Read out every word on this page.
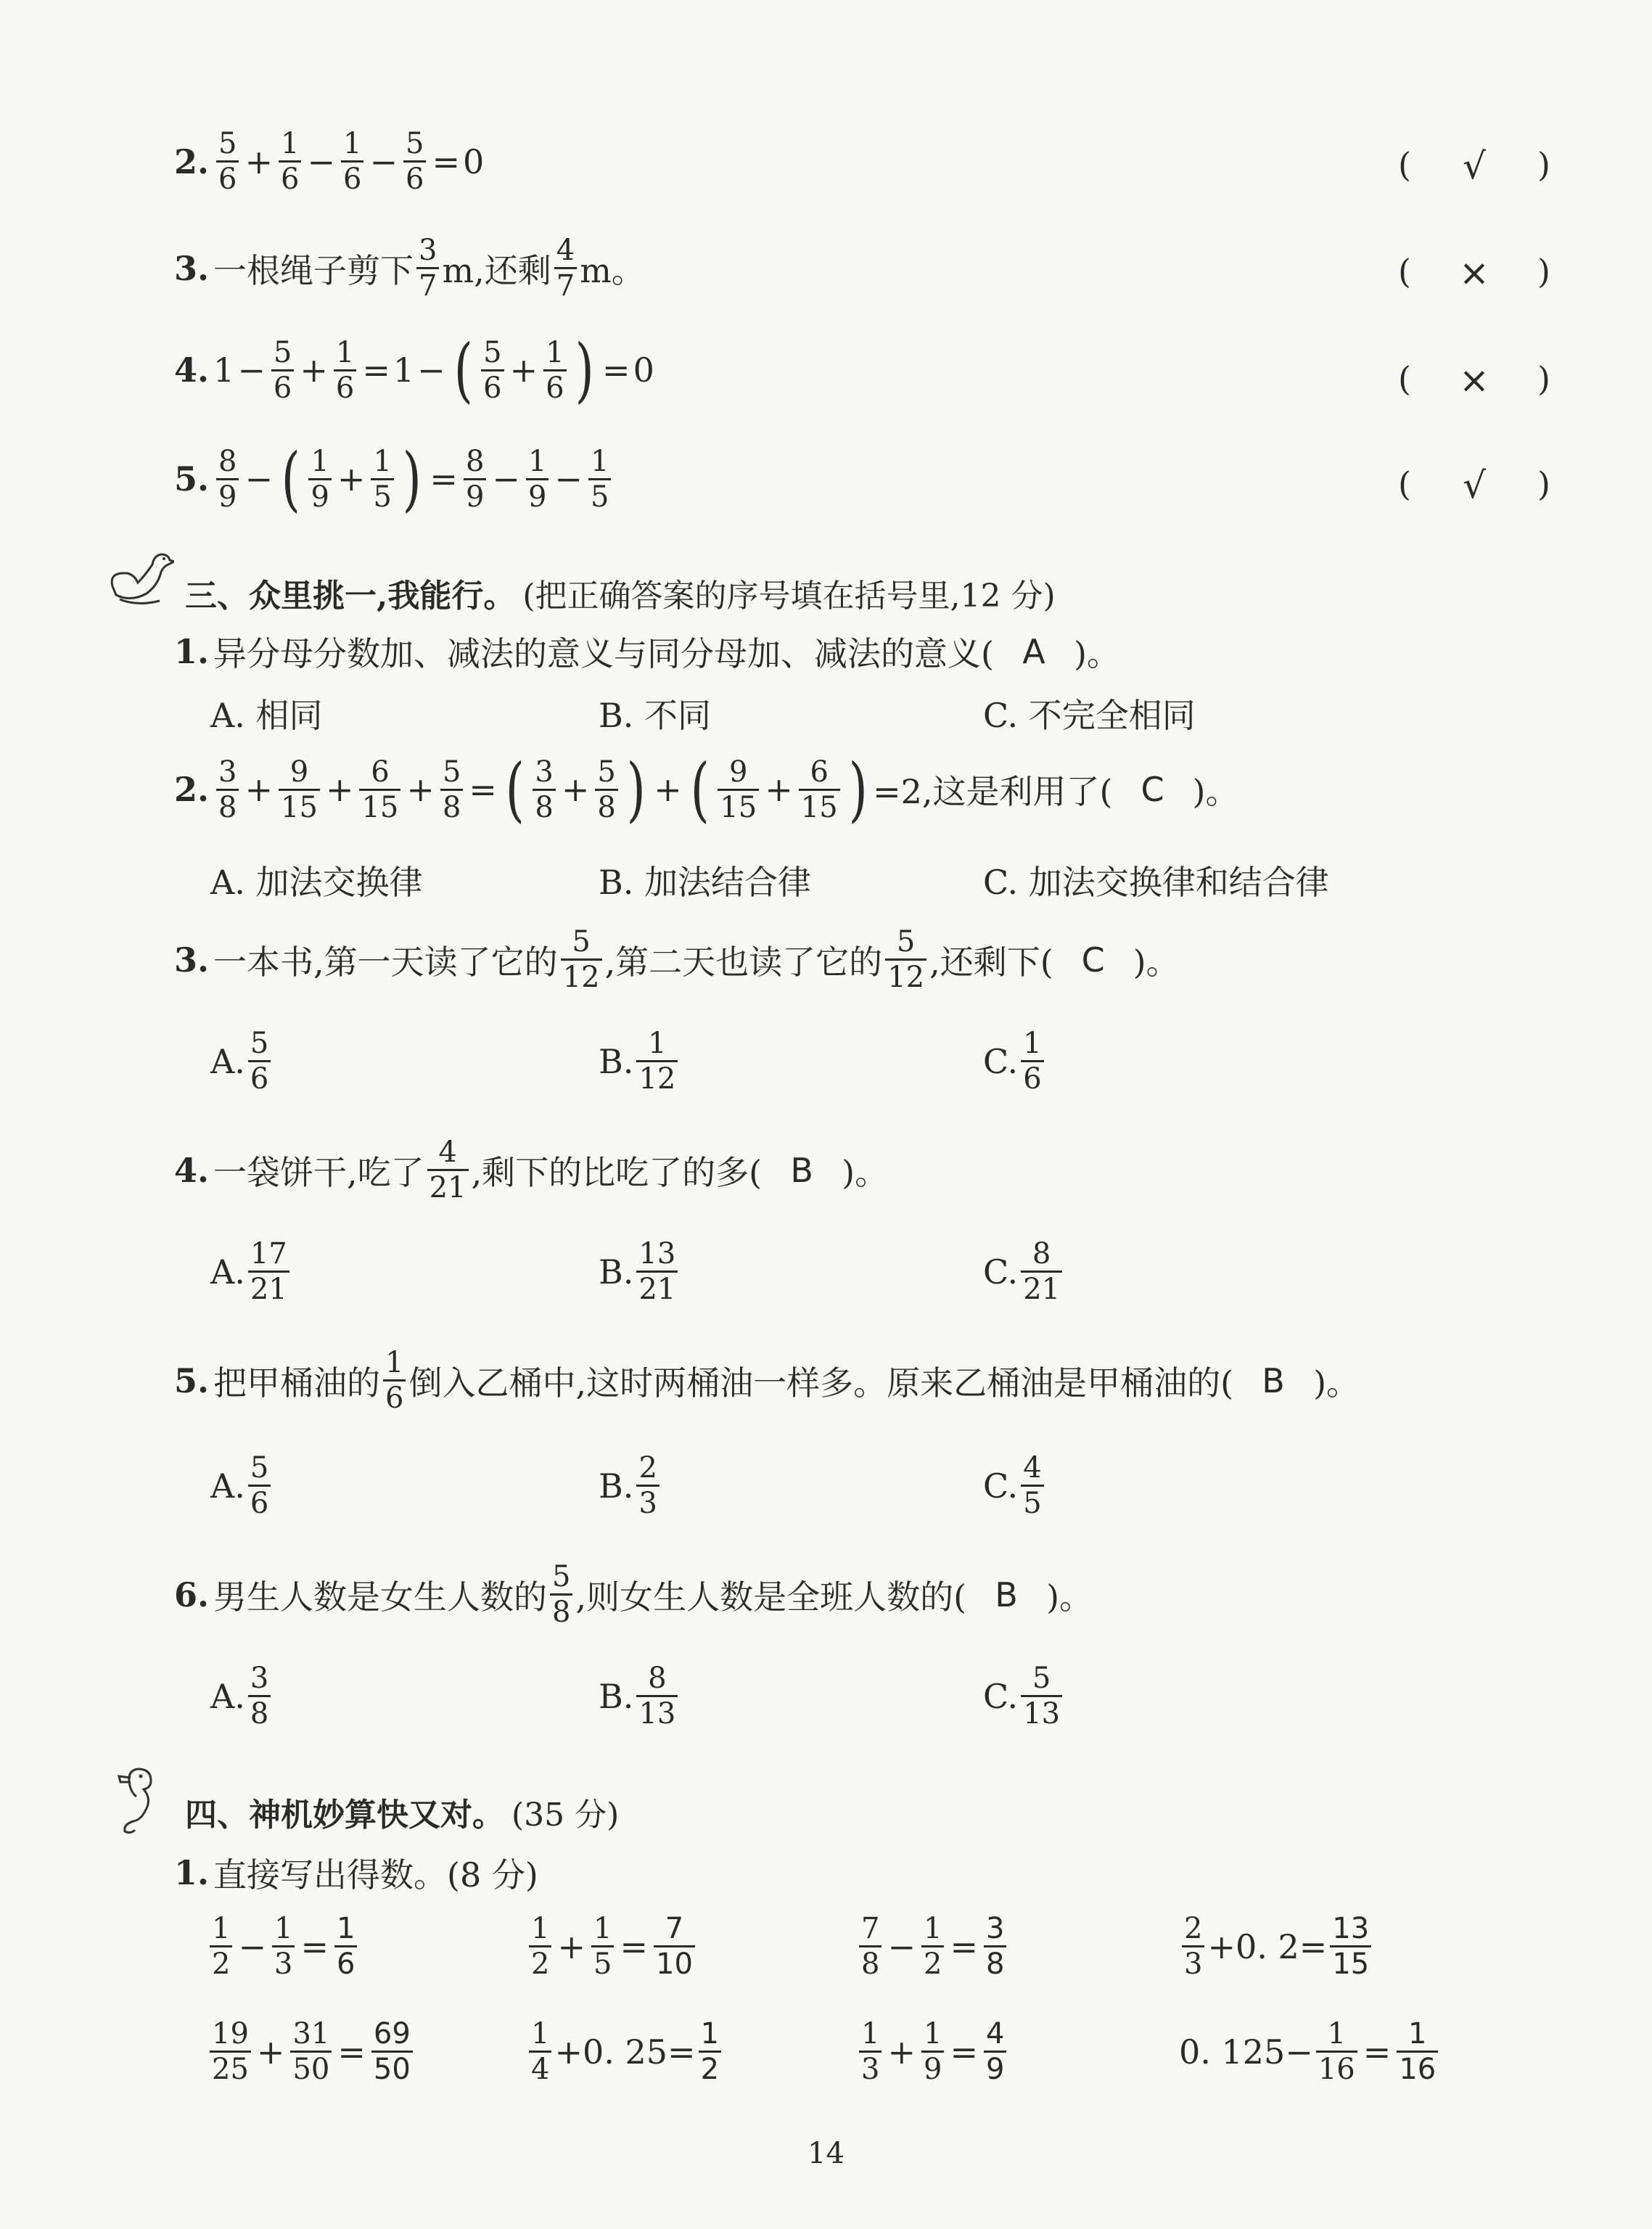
2. $\frac{5}{6} + \frac{1}{6} - \frac{1}{6} - \frac{5}{6} = 0$	( √ )
3. 一根绳子剪下 $\frac{3}{7} m$,还剩 $\frac{4}{7}$ m。	( × )
4. $1 - \frac{5}{6} + \frac{1}{6} = 1$ − ( $\frac{5}{6} + \frac{1}{6}$ ) = 0	( × )
5. $\frac{8}{9}$ − ( $\frac{1}{9} + \frac{1}{5}$ ) = $\frac{8}{9} - \frac{1}{9} - \frac{1}{5}$	( √ )
三、众里挑一,我能行。 (把正确答案的序号填在括号里,12 分)
1. 异分母分数加、减法的意义与同分母加、减法的意义( A )。
A. 相同	B. 不同	C. 不完全相同
2. $\frac{3}{8} + \frac{9}{15} + \frac{6}{15} + \frac{5}{8}$ = ( $\frac{3}{8} + \frac{5}{8}$ ) + ( $\frac{9}{15} + \frac{6}{15}$ ) =2,这是利用了( C )。
A. 加法交换律	B. 加法结合律	C. 加法交换律和结合律
3. 一本书,第一天读了它的 $\frac{5}{12}$ ,第二天也读了它的 $\frac{5}{12}$ ,还剩下( C )。
A. $\frac{5}{6}$	B. $\frac{1}{12}$	C. $\frac{1}{6}$
4. 一袋饼干,吃了 $\frac{4}{21}$ ,剩下的比吃了的多( B )。
A. $\frac{17}{21}$	B. $\frac{13}{21}$	C. $\frac{8}{21}$
5. 把甲桶油的 $\frac{1}{6}$ 倒入乙桶中,这时两桶油一样多。原来乙桶油是甲桶油的( B )。
A. $\frac{5}{6}$	B. $\frac{2}{3}$	C. $\frac{4}{5}$
6. 男生人数是女生人数的 $\frac{5}{8}$ ,则女生人数是全班人数的( B )。
A. $\frac{3}{8}$	B. $\frac{8}{13}$	C. $\frac{5}{13}$
四、神机妙算快又对。 (35 分)
1. 直接写出得数。(8 分)
$\frac{1}{2} - \frac{1}{3} = \frac{1}{6}$	$\frac{1}{2} + \frac{1}{5} = \frac{7}{10}$	$\frac{7}{8} - \frac{1}{2} = \frac{3}{8}$	$\frac{2}{3} +0$. $2= \frac{13}{15}$
$\frac{19}{25} + \frac{31}{50} = \frac{69}{50}$	$\frac{1}{4} +0$. $25= \frac{1}{2}$	$\frac{1}{3} + \frac{1}{9} = \frac{4}{9}$	0. $125- \frac{1}{16} = \frac{1}{16}$
14
